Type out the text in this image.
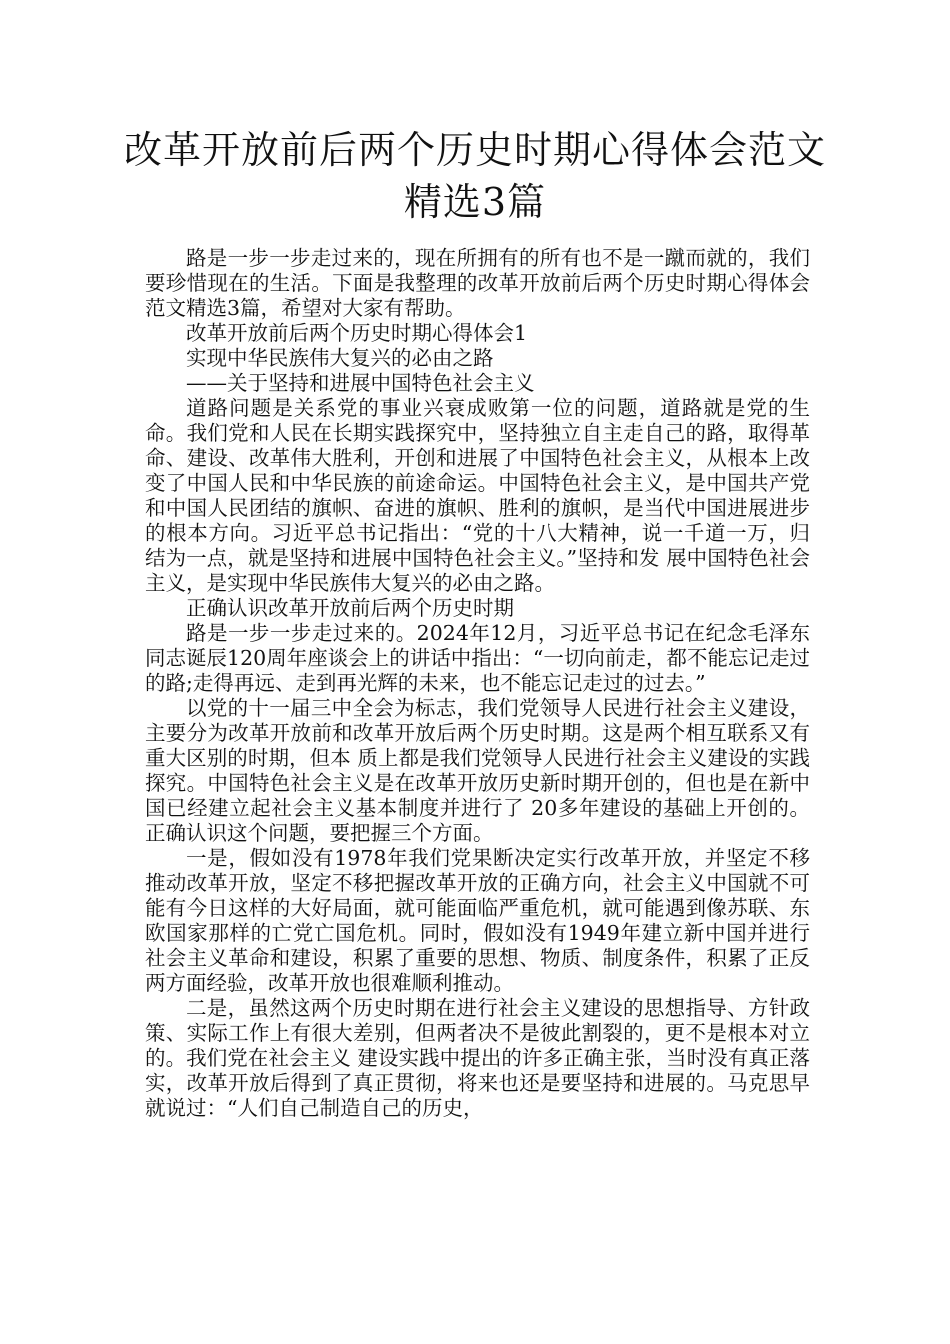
改革开放前后两个历史时期心得体会范文
精选3篇

路是一步一步走过来的，现在所拥有的所有也不是一蹴而就的，我们要珍惜现在的生活。下面是我整理的改革开放前后两个历史时期心得体会范文精选3篇，希望对大家有帮助。

改革开放前后两个历史时期心得体会1

实现中华民族伟大复兴的必由之路

——关于坚持和进展中国特色社会主义

道路问题是关系党的事业兴衰成败第一位的问题，道路就是党的生命。我们党和人民在长期实践探究中，坚持独立自主走自己的路，取得革命、建设、改革伟大胜利，开创和进展了中国特色社会主义，从根本上改变了中国人民和中华民族的前途命运。中国特色社会主义，是中国共产党和中国人民团结的旗帜、奋进的旗帜、胜利的旗帜，是当代中国进展进步的根本方向。习近平总书记指出：“党的十八大精神，说一千道一万，归结为一点，就是坚持和进展中国特色社会主义。”坚持和发 展中国特色社会主义，是实现中华民族伟大复兴的必由之路。

正确认识改革开放前后两个历史时期

路是一步一步走过来的。2024年12月，习近平总书记在纪念毛泽东同志诞辰120周年座谈会上的讲话中指出：“一切向前走，都不能忘记走过的路;走得再远、走到再光辉的未来，也不能忘记走过的过去。”

以党的十一届三中全会为标志，我们党领导人民进行社会主义建设，主要分为改革开放前和改革开放后两个历史时期。这是两个相互联系又有重大区别的时期，但本 质上都是我们党领导人民进行社会主义建设的实践探究。中国特色社会主义是在改革开放历史新时期开创的，但也是在新中国已经建立起社会主义基本制度并进行了 20多年建设的基础上开创的。正确认识这个问题，要把握三个方面。

一是，假如没有1978年我们党果断决定实行改革开放，并坚定不移推动改革开放，坚定不移把握改革开放的正确方向，社会主义中国就不可能有今日这样的大好局面，就可能面临严重危机，就可能遇到像苏联、东欧国家那样的亡党亡国危机。同时，假如没有1949年建立新中国并进行社会主义革命和建设，积累了重要的思想、物质、制度条件，积累了正反两方面经验，改革开放也很难顺利推动。

二是，虽然这两个历史时期在进行社会主义建设的思想指导、方针政策、实际工作上有很大差别，但两者决不是彼此割裂的，更不是根本对立的。我们党在社会主义 建设实践中提出的许多正确主张，当时没有真正落实，改革开放后得到了真正贯彻，将来也还是要坚持和进展的。马克思早就说过：“人们自己制造自己的历史，
